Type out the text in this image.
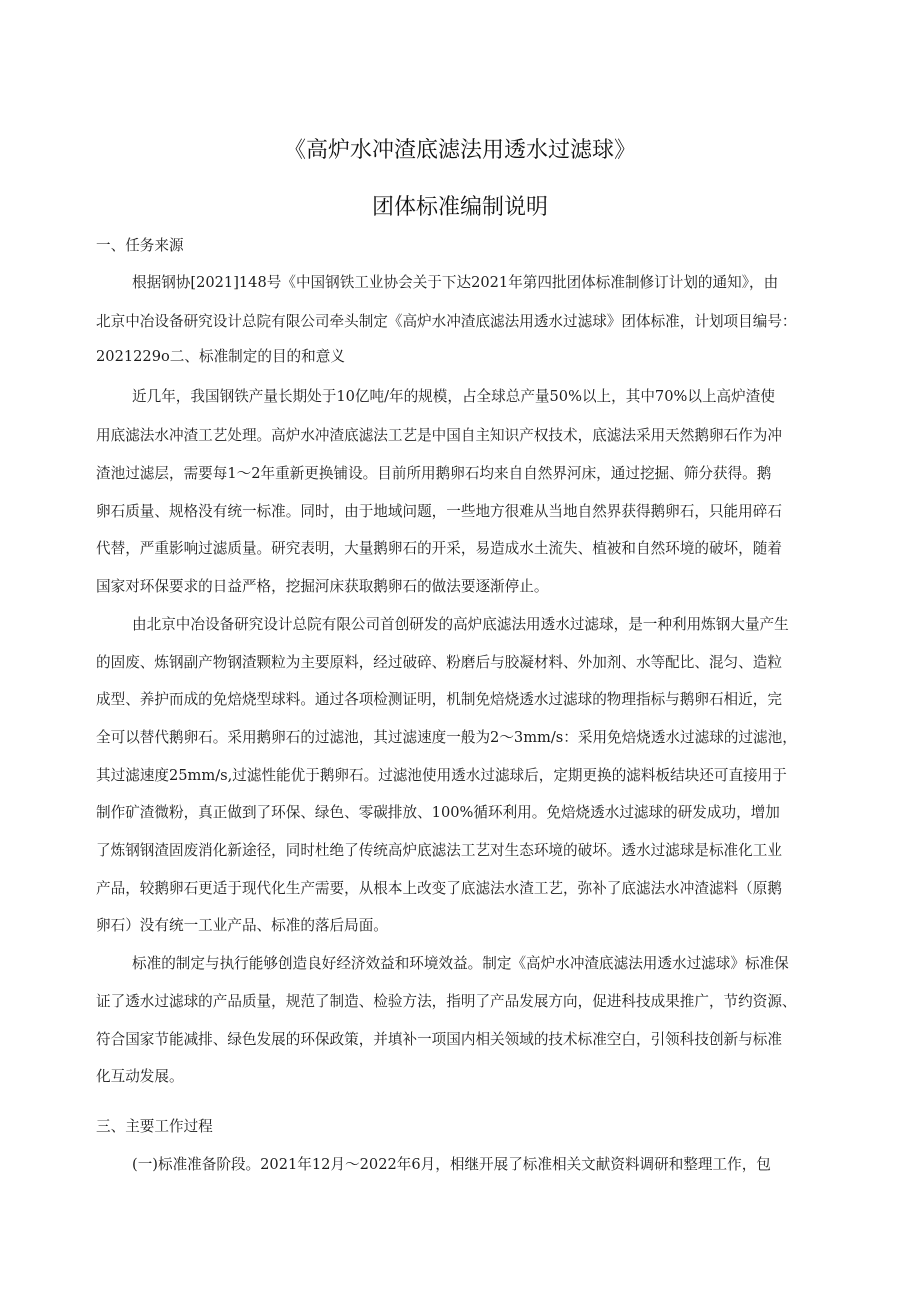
《高炉水冲渣底滤法用透水过滤球》
团体标准编制说明
一、任务来源
根据钢协[2021]148号《中国钢铁工业协会关于下达2021年第四批团体标准制修订计划的通知》，由
北京中冶设备研究设计总院有限公司牵头制定《高炉水冲渣底滤法用透水过滤球》团体标准，计划项目编号：
2021229o二、标准制定的目的和意义
近几年，我国钢铁产量长期处于10亿吨/年的规模，占全球总产量50%以上，其中70%以上高炉渣使
用底滤法水冲渣工艺处理。高炉水冲渣底滤法工艺是中国自主知识产权技术，底滤法采用天然鹅卵石作为冲
渣池过滤层，需要每1～2年重新更换铺设。目前所用鹅卵石均来自自然界河床，通过挖掘、筛分获得。鹅
卵石质量、规格没有统一标准。同时，由于地域问题，一些地方很难从当地自然界获得鹅卵石，只能用碎石
代替，严重影响过滤质量。研究表明，大量鹅卵石的开采，易造成水土流失、植被和自然环境的破坏，随着
国家对环保要求的日益严格，挖掘河床获取鹅卵石的做法要逐渐停止。
由北京中冶设备研究设计总院有限公司首创研发的高炉底滤法用透水过滤球，是一种利用炼钢大量产生
的固废、炼钢副产物钢渣颗粒为主要原料，经过破碎、粉磨后与胶凝材料、外加剂、水等配比、混匀、造粒
成型、养护而成的免焙烧型球料。通过各项检测证明，机制免焙烧透水过滤球的物理指标与鹅卵石相近，完
全可以替代鹅卵石。采用鹅卵石的过滤池，其过滤速度一般为2～3mm/s：采用免焙烧透水过滤球的过滤池，
其过滤速度25mm∕s,过滤性能优于鹅卵石。过滤池使用透水过滤球后，定期更换的滤料板结块还可直接用于
制作矿渣微粉，真正做到了环保、绿色、零碳排放、100%循环利用。免焙烧透水过滤球的研发成功，增加
了炼钢钢渣固废消化新途径，同时杜绝了传统高炉底滤法工艺对生态环境的破坏。透水过滤球是标准化工业
产品，较鹅卵石更适于现代化生产需要，从根本上改变了底滤法水渣工艺，弥补了底滤法水冲渣滤料（原鹅
卵石）没有统一工业产品、标准的落后局面。
标准的制定与执行能够创造良好经济效益和环境效益。制定《高炉水冲渣底滤法用透水过滤球》标准保
证了透水过滤球的产品质量，规范了制造、检验方法，指明了产品发展方向，促进科技成果推广，节约资源、
符合国家节能减排、绿色发展的环保政策，并填补一项国内相关领域的技术标准空白，引领科技创新与标准
化互动发展。
三、主要工作过程
(一)标准准备阶段。2021年12月～2022年6月，相继开展了标准相关文献资料调研和整理工作，包
